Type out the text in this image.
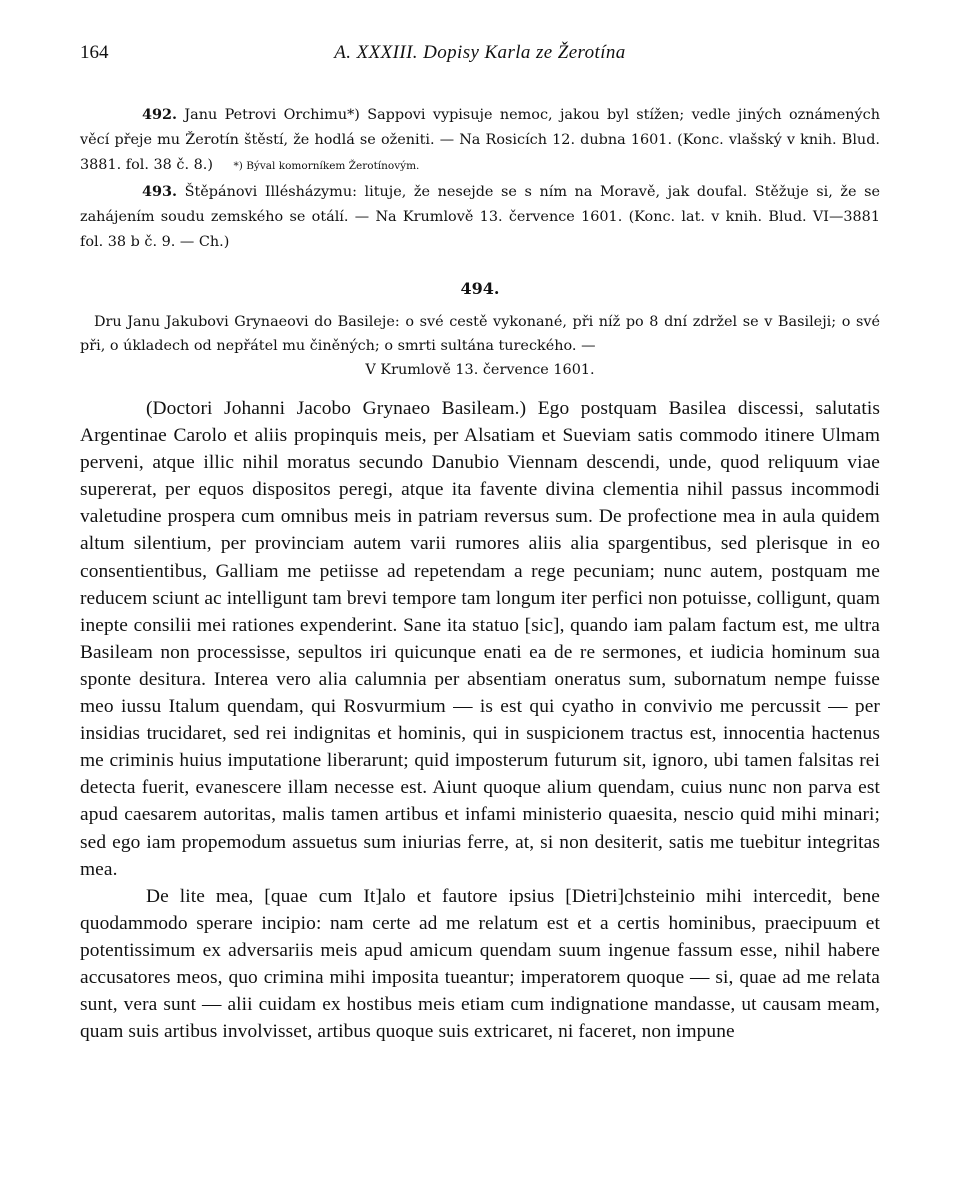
164	A. XXXIII. Dopisy Karla ze Žerotína

492. Janu Petrovi Orchimu*) Sappovi vypisuje nemoc, jakou byl stížen; vedle jiných oznámených věcí přeje mu Žerotín štěstí, že hodlá se oženiti. — Na Rosicích 12. dubna 1601. (Konc. vlašský v knih. Blud. 3881. fol. 38 č. 8.) *) Býval komorníkem Žerotínovým.

493. Štěpánovi Illésházymu: lituje, že nesejde se s ním na Moravě, jak doufal. Stěžuje si, že se zahájením soudu zemského se otálí. — Na Krumlově 13. července 1601. (Konc. lat. v knih. Blud. VI—3881 fol. 38 b č. 9. — Ch.)

494.

Dru Janu Jakubovi Grynaeovi do Basileje: o své cestě vykonané, při níž po 8 dní zdržel se v Basileji; o své při, o úkladech od nepřátel mu činěných; o smrti sultána tureckého. —

V Krumlově 13. července 1601.

(Doctori Johanni Jacobo Grynaeo Basileam.) Ego postquam Basilea discessi, salutatis Argentinae Carolo et aliis propinquis meis, per Alsatiam et Sueviam satis commodo itinere Ulmam perveni, atque illic nihil moratus secundo Danubio Viennam descendi, unde, quod reliquum viae supererat, per equos dispositos peregi, atque ita favente divina clementia nihil passus incommodi valetudine prospera cum omnibus meis in patriam reversus sum. De profectione mea in aula quidem altum silentium, per provinciam autem varii rumores aliis alia spargentibus, sed plerisque in eo consentientibus, Galliam me petiisse ad repetendam a rege pecuniam; nunc autem, postquam me reducem sciunt ac intelligunt tam brevi tempore tam longum iter perfici non potuisse, colligunt, quam inepte consilii mei rationes expenderint. Sane ita statuo [sic], quando iam palam factum est, me ultra Basileam non processisse, sepultos iri quicunque enati ea de re sermones, et iudicia hominum sua sponte desitura. Interea vero alia calumnia per absentiam oneratus sum, subornatum nempe fuisse meo iussu Italum quendam, qui Rosvurmium — is est qui cyatho in convivio me percussit — per insidias trucidaret, sed rei indignitas et hominis, qui in suspicionem tractus est, innocentia hactenus me criminis huius imputatione liberarunt; quid imposterum futurum sit, ignoro, ubi tamen falsitas rei detecta fuerit, evanescere illam necesse est. Aiunt quoque alium quendam, cuius nunc non parva est apud caesarem autoritas, malis tamen artibus et infami ministerio quaesita, nescio quid mihi minari; sed ego iam propemodum assuetus sum iniurias ferre, at, si non desiterit, satis me tuebitur integritas mea.

De lite mea, [quae cum It]alo et fautore ipsius [Dietri]chsteinio mihi intercedit, bene quodammodo sperare incipio: nam certe ad me relatum est et a certis hominibus, praecipuum et potentissimum ex adversariis meis apud amicum quendam suum ingenue fassum esse, nihil habere accusatores meos, quo crimina mihi imposita tueantur; imperatorem quoque — si, quae ad me relata sunt, vera sunt — alii cuidam ex hostibus meis etiam cum indignatione mandasse, ut causam meam, quam suis artibus involvisset, artibus quoque suis extricaret, ni faceret, non impune
